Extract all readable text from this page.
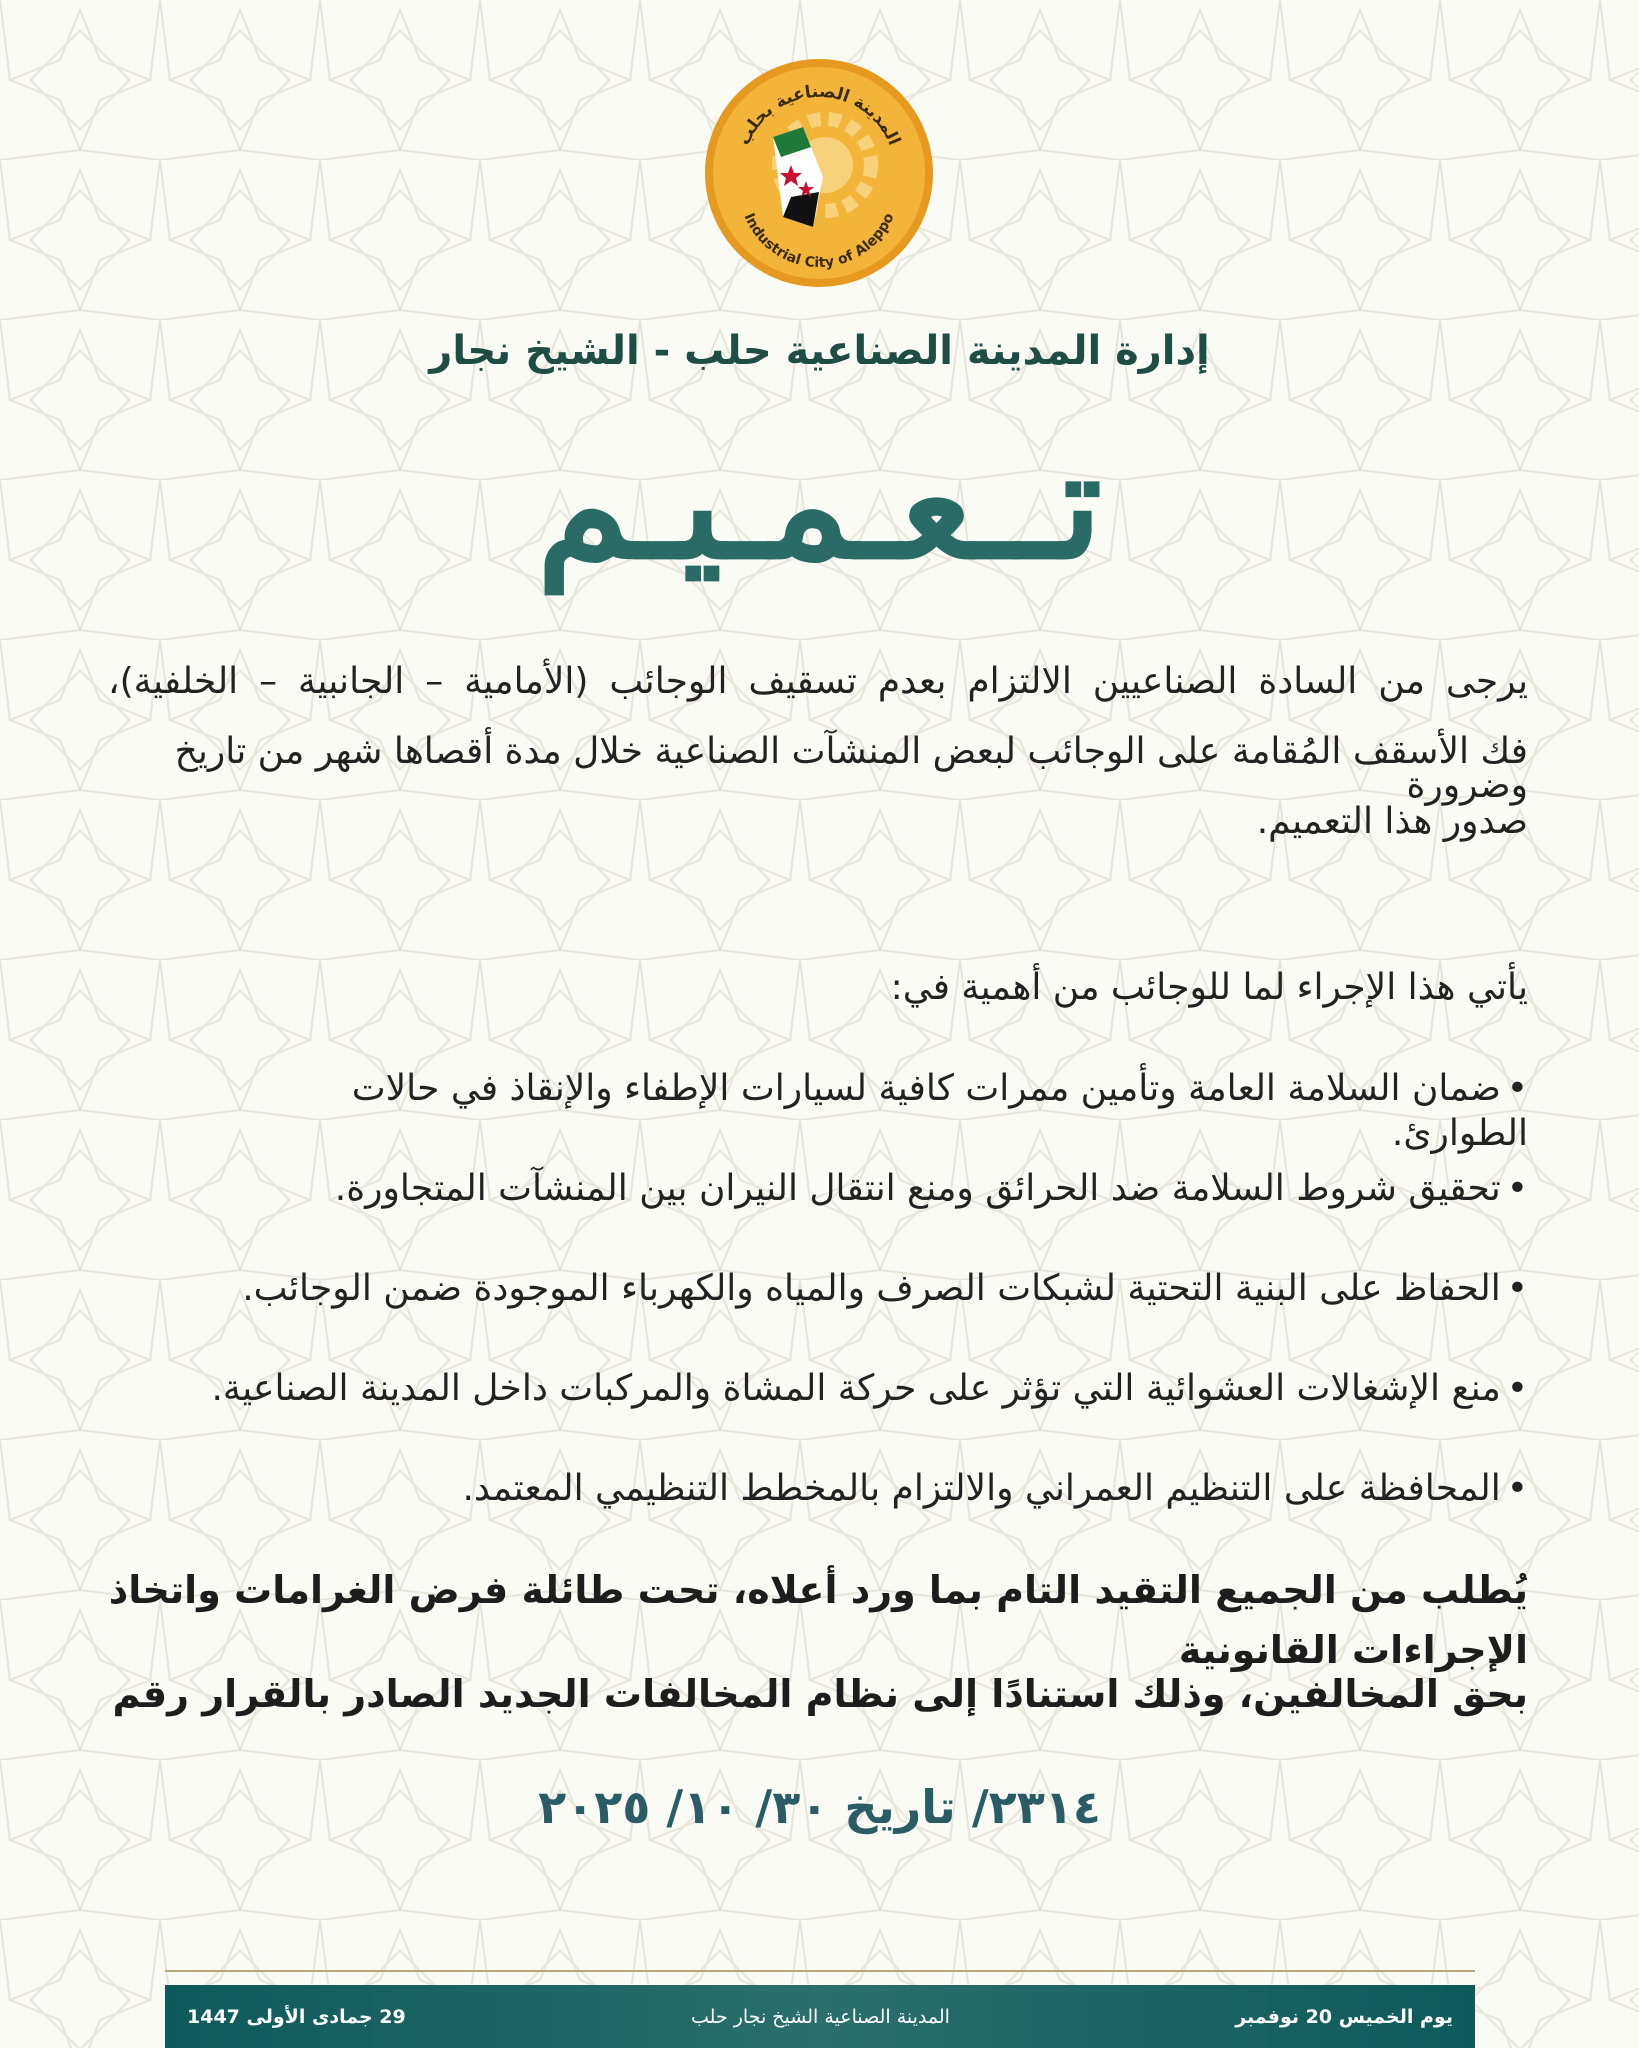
المدينة الصناعية بحلب
Industrial City of Aleppo
إدارة المدينة الصناعية حلب - الشيخ نجار
تــعـمـيـم
يرجى من السادة الصناعيين الالتزام بعدم تسقيف الوجائب (الأمامية – الجانبية – الخلفية)، وضرورة
فك الأسقف المُقامة على الوجائب لبعض المنشآت الصناعية خلال مدة أقصاها شهر من تاريخ
صدور هذا التعميم.
يأتي هذا الإجراء لما للوجائب من أهمية في:
• ضمان السلامة العامة وتأمين ممرات كافية لسيارات الإطفاء والإنقاذ في حالات الطوارئ.
• تحقيق شروط السلامة ضد الحرائق ومنع انتقال النيران بين المنشآت المتجاورة.
• الحفاظ على البنية التحتية لشبكات الصرف والمياه والكهرباء الموجودة ضمن الوجائب.
• منع الإشغالات العشوائية التي تؤثر على حركة المشاة والمركبات داخل المدينة الصناعية.
• المحافظة على التنظيم العمراني والالتزام بالمخطط التنظيمي المعتمد.
يُطلب من الجميع التقيد التام بما ورد أعلاه، تحت طائلة فرض الغرامات واتخاذ الإجراءات القانونية
بحق المخالفين، وذلك استنادًا إلى نظام المخالفات الجديد الصادر بالقرار رقم
٢٣١٤/ تاريخ ٣٠/ ١٠/ ٢٠٢٥
29 جمادى الأولى 1447	المدينة الصناعية الشيخ نجار حلب	يوم الخميس 20 نوفمبر
